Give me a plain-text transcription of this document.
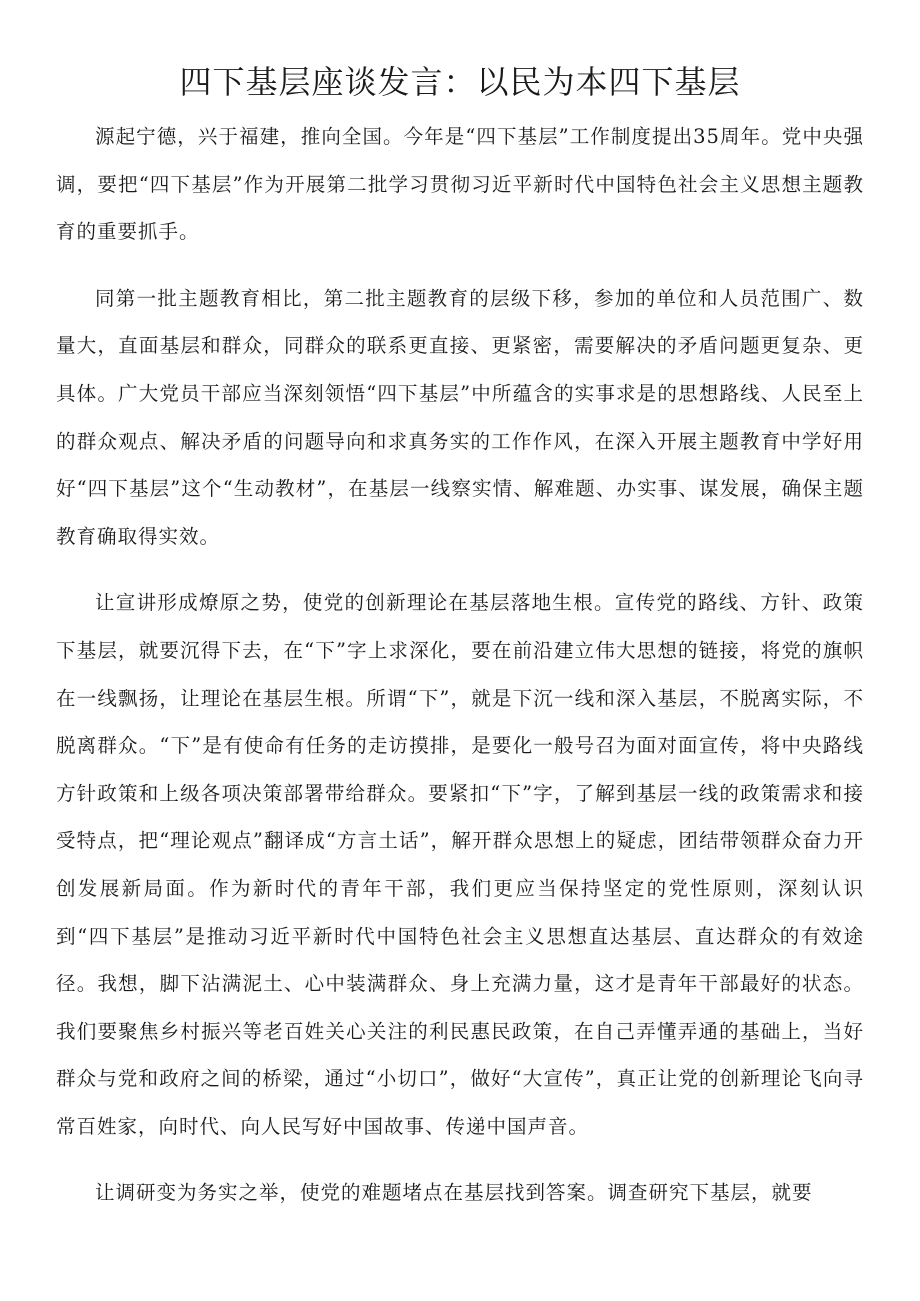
四下基层座谈发言：以民为本四下基层

源起宁德，兴于福建，推向全国。今年是“四下基层”工作制度提出35周年。党中央强调，要把“四下基层”作为开展第二批学习贯彻习近平新时代中国特色社会主义思想主题教育的重要抓手。

同第一批主题教育相比，第二批主题教育的层级下移，参加的单位和人员范围广、数量大，直面基层和群众，同群众的联系更直接、更紧密，需要解决的矛盾问题更复杂、更具体。广大党员干部应当深刻领悟“四下基层”中所蕴含的实事求是的思想路线、人民至上的群众观点、解决矛盾的问题导向和求真务实的工作作风，在深入开展主题教育中学好用好“四下基层”这个“生动教材”，在基层一线察实情、解难题、办实事、谋发展，确保主题教育确取得实效。

让宣讲形成燎原之势，使党的创新理论在基层落地生根。宣传党的路线、方针、政策下基层，就要沉得下去，在“下”字上求深化，要在前沿建立伟大思想的链接，将党的旗帜在一线飘扬，让理论在基层生根。所谓“下”，就是下沉一线和深入基层，不脱离实际，不脱离群众。“下”是有使命有任务的走访摸排，是要化一般号召为面对面宣传，将中央路线方针政策和上级各项决策部署带给群众。要紧扣“下”字，了解到基层一线的政策需求和接受特点，把“理论观点”翻译成“方言土话”，解开群众思想上的疑虑，团结带领群众奋力开创发展新局面。作为新时代的青年干部，我们更应当保持坚定的党性原则，深刻认识到“四下基层”是推动习近平新时代中国特色社会主义思想直达基层、直达群众的有效途径。我想，脚下沾满泥土、心中装满群众、身上充满力量，这才是青年干部最好的状态。我们要聚焦乡村振兴等老百姓关心关注的利民惠民政策，在自己弄懂弄通的基础上，当好群众与党和政府之间的桥梁，通过“小切口”，做好“大宣传”，真正让党的创新理论飞向寻常百姓家，向时代、向人民写好中国故事、传递中国声音。

让调研变为务实之举，使党的难题堵点在基层找到答案。调查研究下基层，就要
